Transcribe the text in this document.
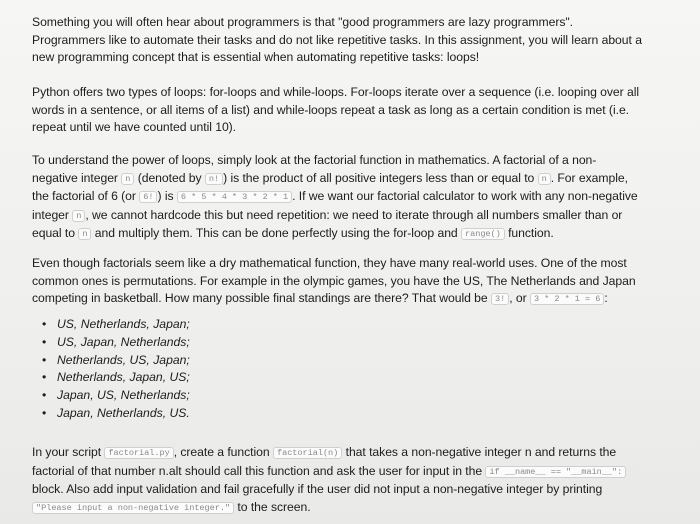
Something you will often hear about programmers is that "good programmers are lazy programmers".
Programmers like to automate their tasks and do not like repetitive tasks. In this assignment, you will learn about a
new programming concept that is essential when automating repetitive tasks: loops!

Python offers two types of loops: for-loops and while-loops. For-loops iterate over a sequence (i.e. looping over all
words in a sentence, or all items of a list) and while-loops repeat a task as long as a certain condition is met (i.e.
repeat until we have counted until 10).

To understand the power of loops, simply look at the factorial function in mathematics. A factorial of a non-
negative integer n (denoted by n! ) is the product of all positive integers less than or equal to n . For example,
the factorial of 6 (or 6! ) is 6 * 5 * 4 * 3 * 2 * 1 . If we want our factorial calculator to work with any non-negative
integer n , we cannot hardcode this but need repetition: we need to iterate through all numbers smaller than or
equal to n and multiply them. This can be done perfectly using the for-loop and range() function.

Even though factorials seem like a dry mathematical function, they have many real-world uses. One of the most
common ones is permutations. For example in the olympic games, you have the US, The Netherlands and Japan
competing in basketball. How many possible final standings are there? That would be 3! , or 3 * 2 * 1 = 6 :

• US, Netherlands, Japan;
• US, Japan, Netherlands;
• Netherlands, US, Japan;
• Netherlands, Japan, US;
• Japan, US, Netherlands;
• Japan, Netherlands, US.

In your script factorial.py , create a function factorial(n) that takes a non-negative integer n and returns the
factorial of that number n.alt should call this function and ask the user for input in the if __name__ == "__main__":
block. Also add input validation and fail gracefully if the user did not input a non-negative integer by printing
"Please input a non-negative integer." to the screen.
